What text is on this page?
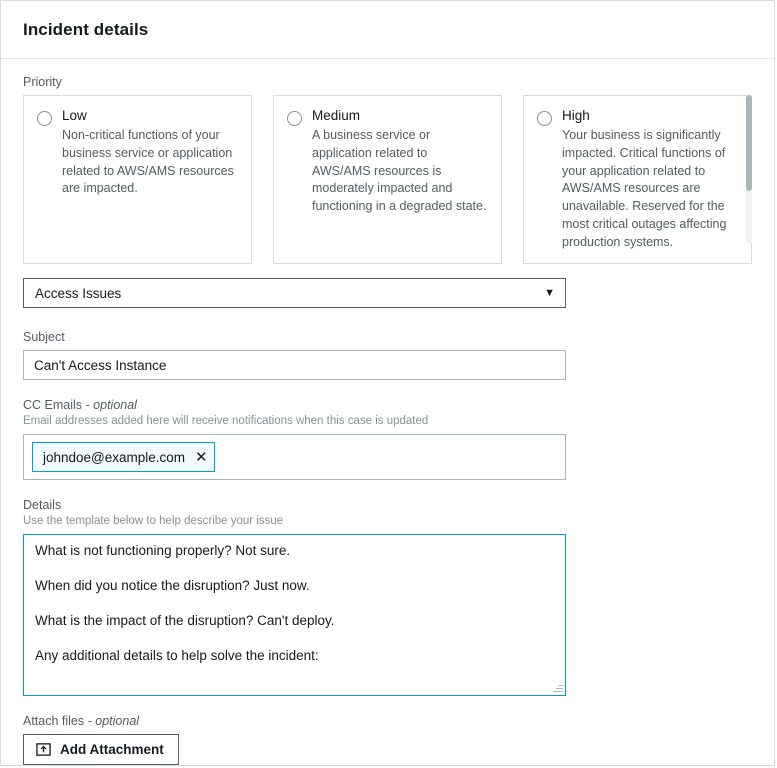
Incident details
Priority
Low
Non-critical functions of your business service or application related to AWS/AMS resources are impacted.
Medium
A business service or application related to AWS/AMS resources is moderately impacted and functioning in a degraded state.
High
Your business is significantly impacted. Critical functions of your application related to AWS/AMS resources are unavailable. Reserved for the most critical outages affecting production systems.
Access Issues	▼
Subject
Can't Access Instance
CC Emails - optional
Email addresses added here will receive notifications when this case is updated
johndoe@example.com ✕
Details
Use the template below to help describe your issue

What is not functioning properly? Not sure.

When did you notice the disruption? Just now.

What is the impact of the disruption? Can't deploy.

Any additional details to help solve the incident:

Attach files - optional
Add Attachment
